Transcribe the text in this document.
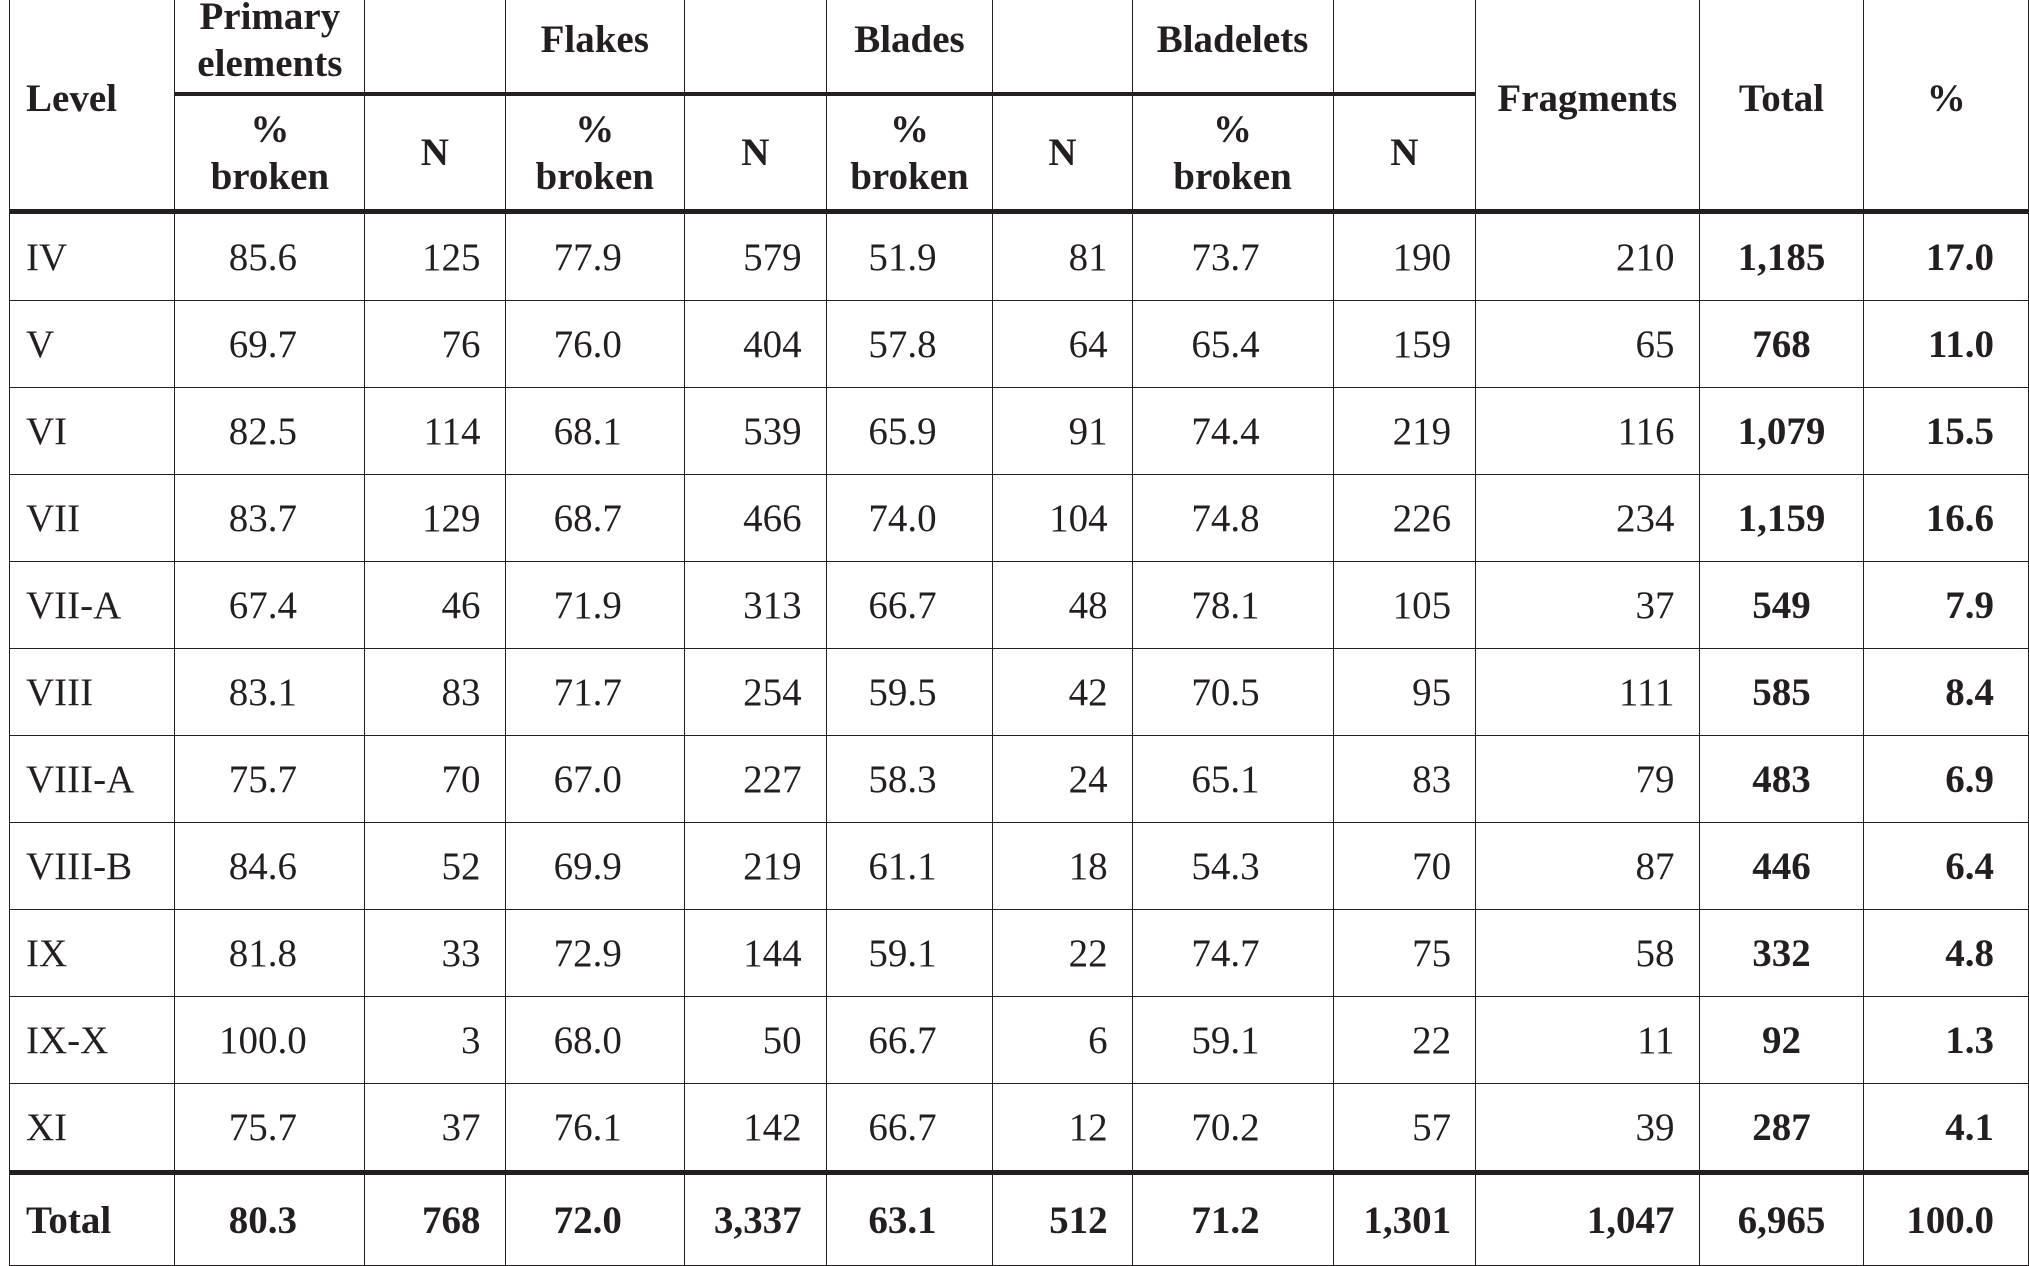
Level	Primary elements		Flakes		Blades		Bladelets		Fragments	Total	%
	% broken	N	% broken	N	% broken	N	% broken	N			
IV	85.6	125	77.9	579	51.9	81	73.7	190	210	1,185	17.0
V	69.7	76	76.0	404	57.8	64	65.4	159	65	768	11.0
VI	82.5	114	68.1	539	65.9	91	74.4	219	116	1,079	15.5
VII	83.7	129	68.7	466	74.0	104	74.8	226	234	1,159	16.6
VII-A	67.4	46	71.9	313	66.7	48	78.1	105	37	549	7.9
VIII	83.1	83	71.7	254	59.5	42	70.5	95	111	585	8.4
VIII-A	75.7	70	67.0	227	58.3	24	65.1	83	79	483	6.9
VIII-B	84.6	52	69.9	219	61.1	18	54.3	70	87	446	6.4
IX	81.8	33	72.9	144	59.1	22	74.7	75	58	332	4.8
IX-X	100.0	3	68.0	50	66.7	6	59.1	22	11	92	1.3
XI	75.7	37	76.1	142	66.7	12	70.2	57	39	287	4.1
Total	80.3	768	72.0	3,337	63.1	512	71.2	1,301	1,047	6,965	100.0
